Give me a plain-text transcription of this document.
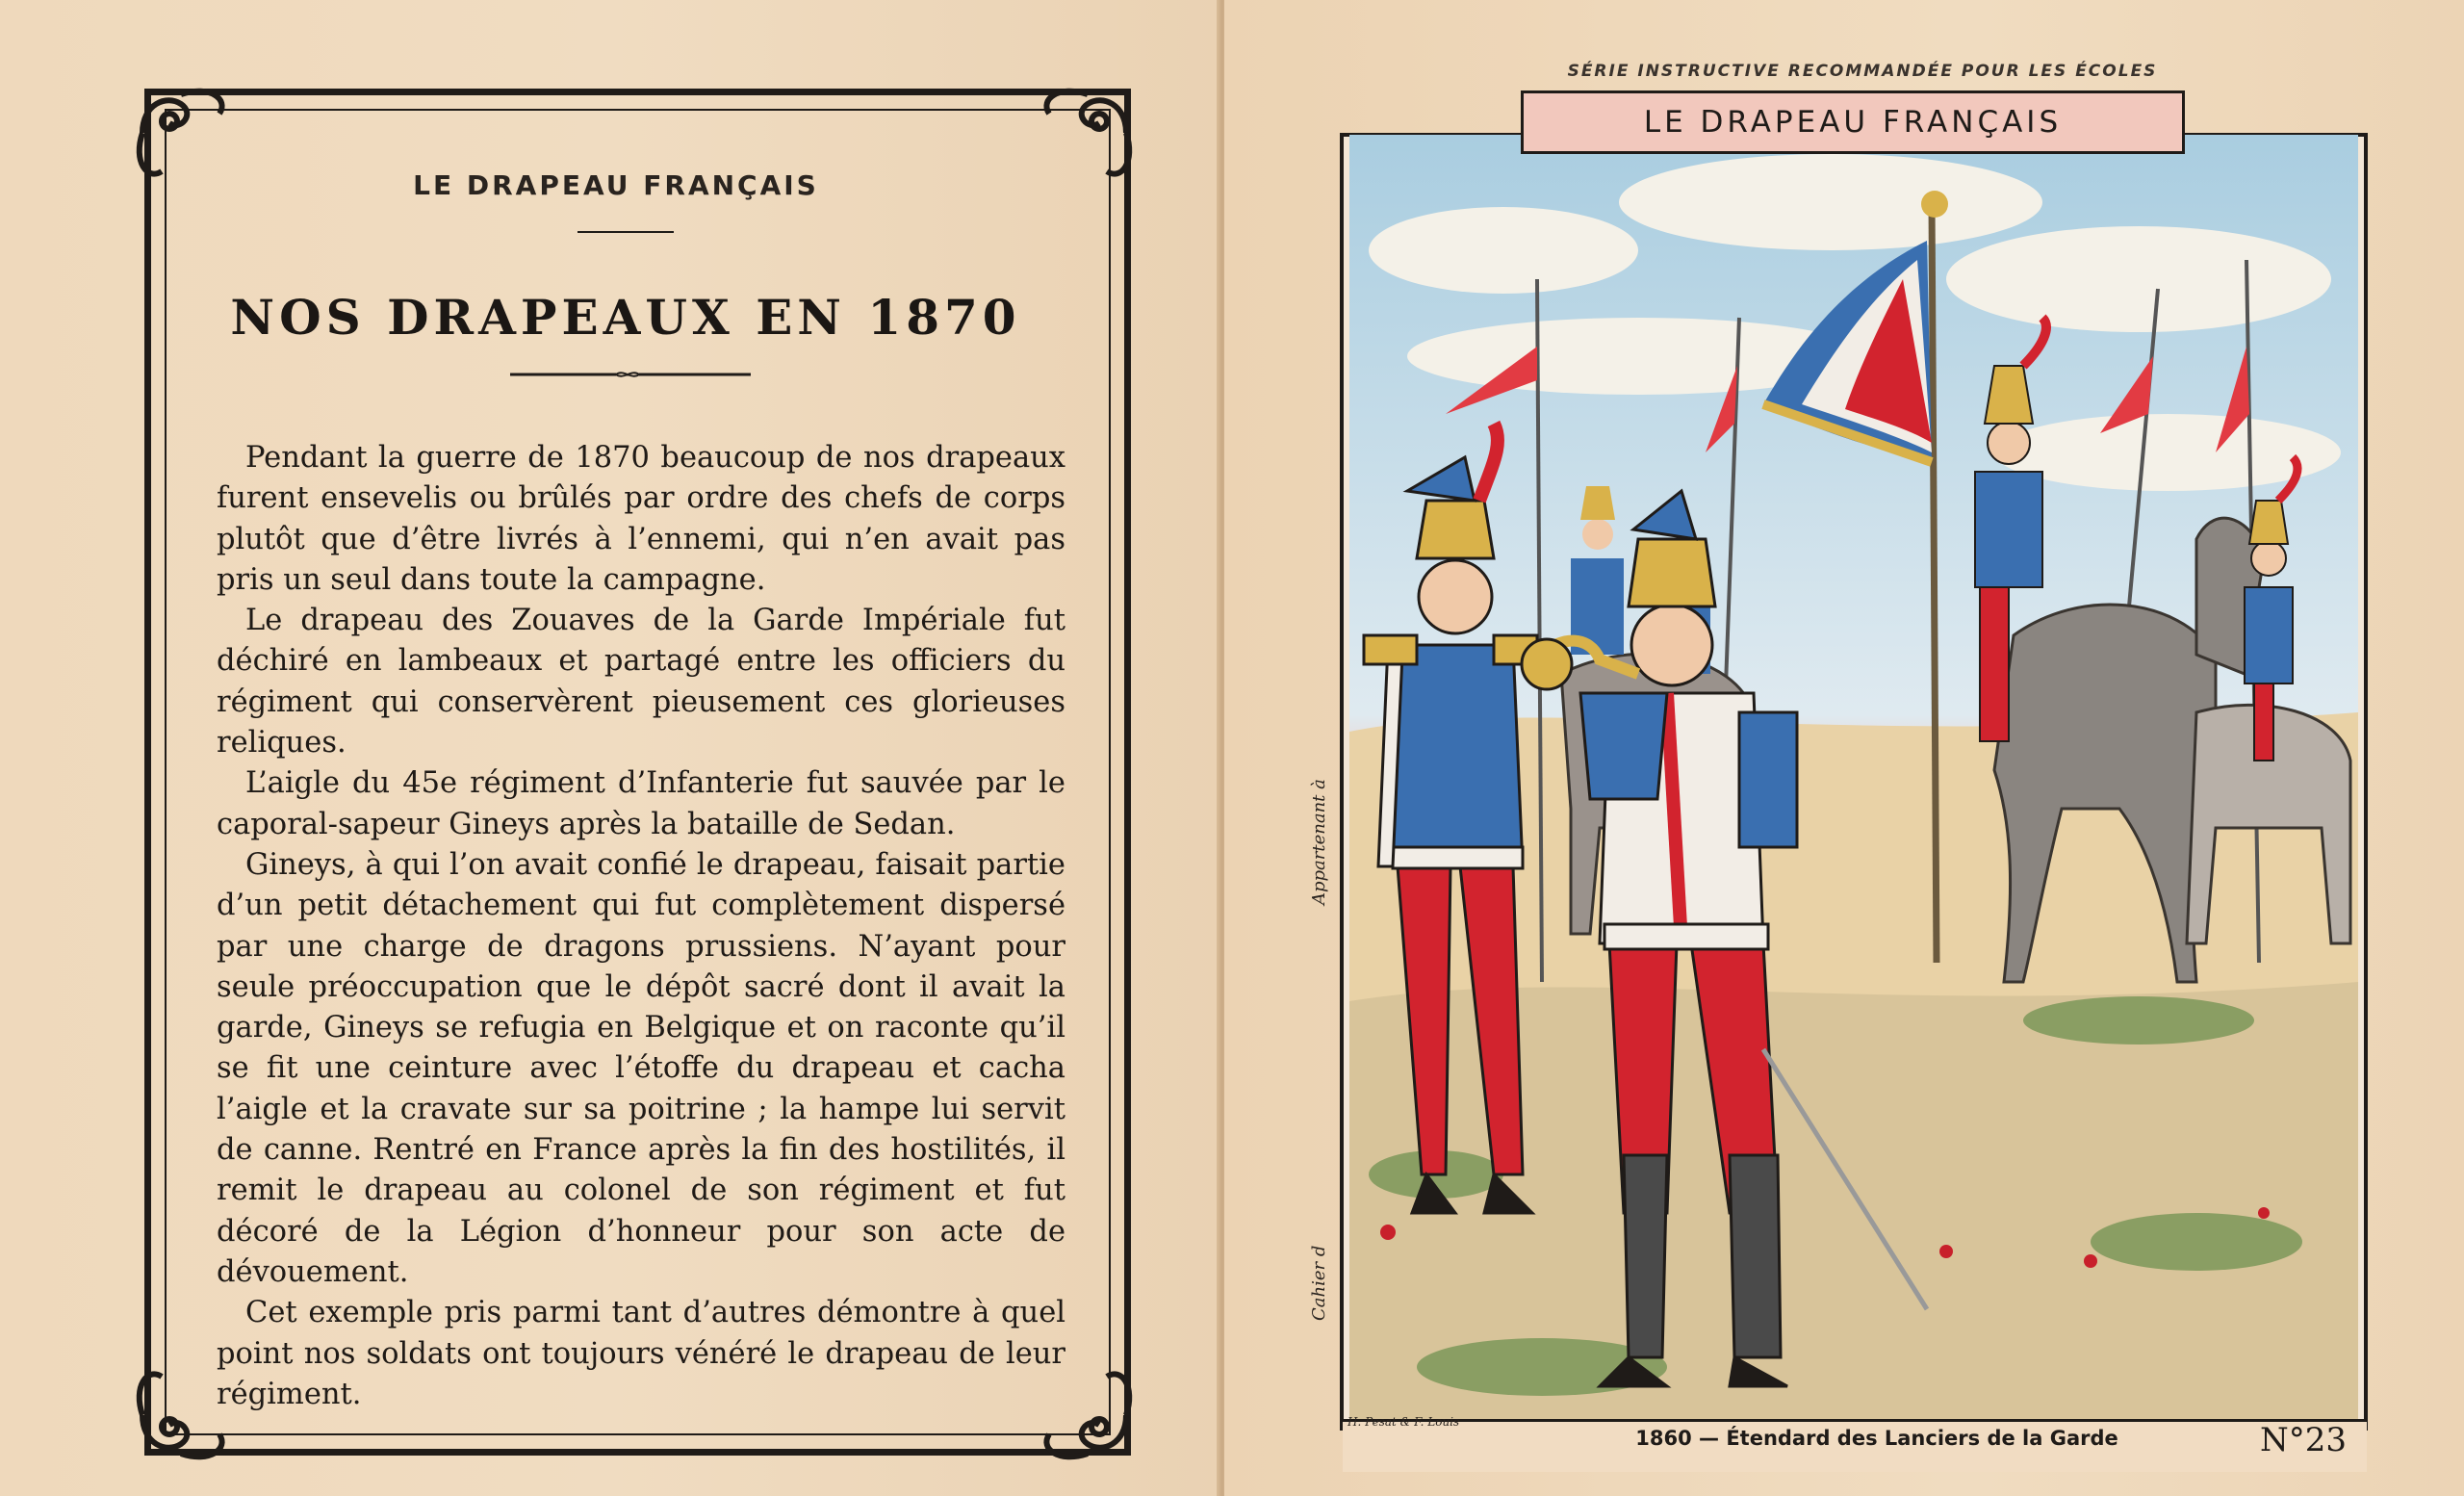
LE DRAPEAU FRANÇAIS
NOS DRAPEAUX EN 1870

Pendant la guerre de 1870 beaucoup de nos drapeaux furent ensevelis ou brûlés par ordre des chefs de corps plutôt que d’être livrés à l’ennemi, qui n’en avait pas pris un seul dans toute la campagne.

Le drapeau des Zouaves de la Garde Impériale fut déchiré en lambeaux et partagé entre les officiers du régiment qui conservèrent pieusement ces glorieuses reliques.

L’aigle du 45e régiment d’Infanterie fut sauvée par le caporal-sapeur Gineys après la bataille de Sedan.

Gineys, à qui l’on avait confié le drapeau, faisait partie d’un petit détachement qui fut complètement dispersé par une charge de dragons prussiens. N’ayant pour seule préoccupation que le dépôt sacré dont il avait la garde, Gineys se refugia en Belgique et on raconte qu’il se fit une ceinture avec l’étoffe du drapeau et cacha l’aigle et la cravate sur sa poitrine ; la hampe lui servit de canne. Rentré en France après la fin des hostilités, il remit le drapeau au colonel de son régiment et fut décoré de la Légion d’honneur pour son acte de dévouement.

Cet exemple pris parmi tant d’autres démontre à quel point nos soldats ont toujours vénéré le drapeau de leur régiment.

SÉRIE INSTRUCTIVE RECOMMANDÉE POUR LES ÉCOLES
LE DRAPEAU FRANÇAIS
H. Pesat & F. Louis
1860 — Étendard des Lanciers de la Garde	N°23
Appartenant à
Cahier d
